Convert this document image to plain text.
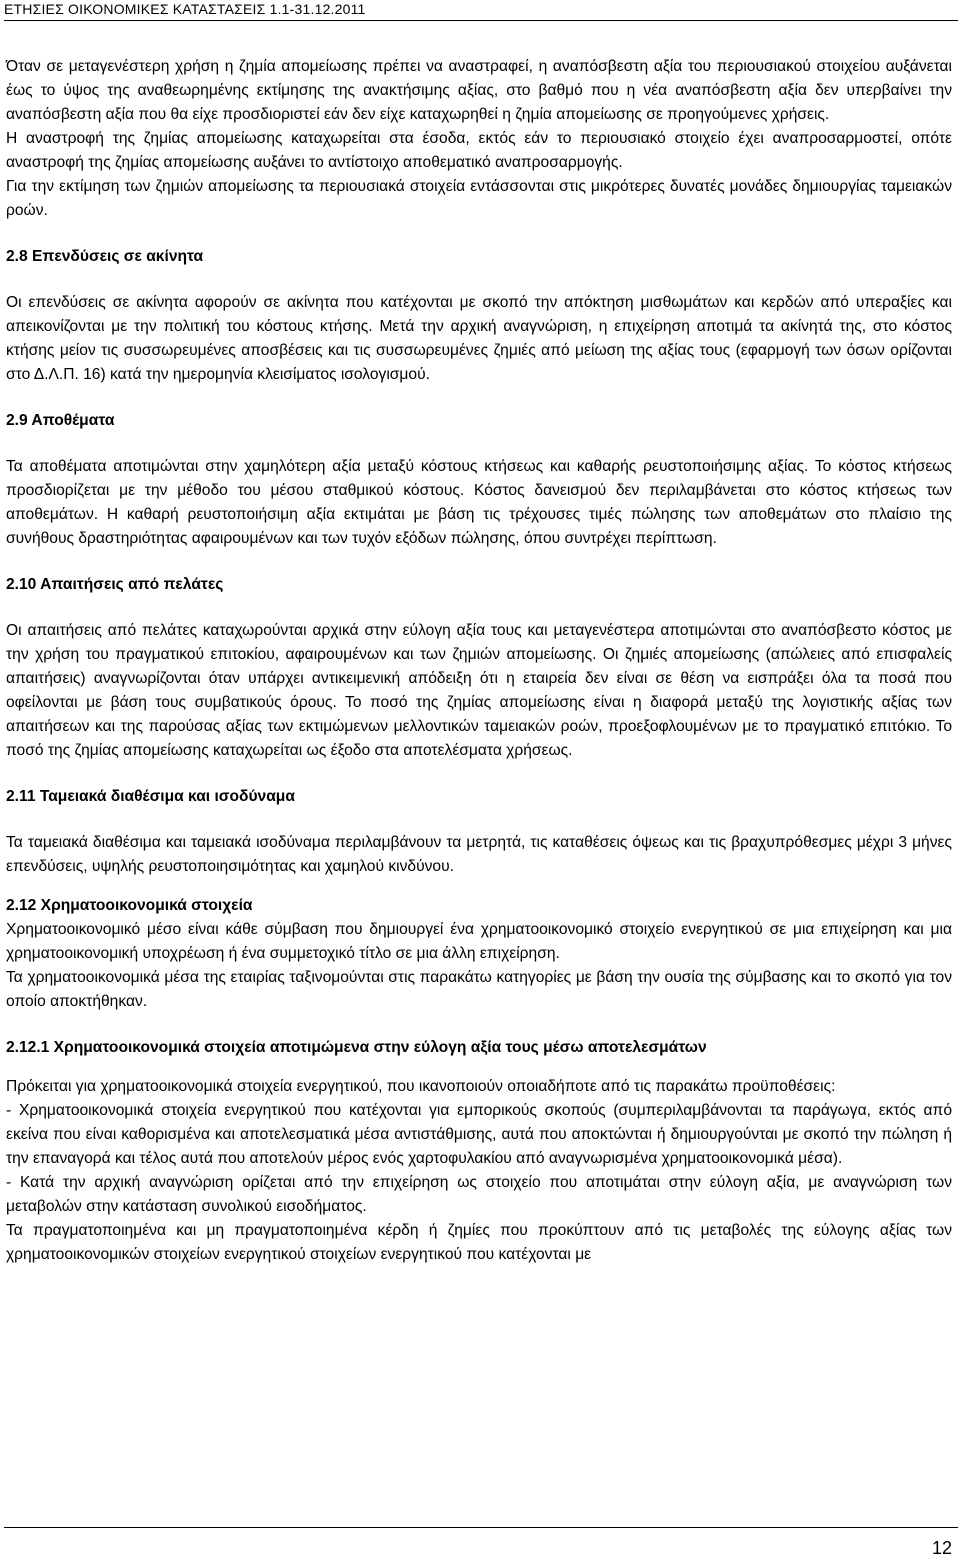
ΕΤΗΣΙΕΣ ΟΙΚΟΝΟΜΙΚΕΣ ΚΑΤΑΣΤΑΣΕΙΣ 1.1-31.12.2011

Όταν σε μεταγενέστερη χρήση η ζημία απομείωσης πρέπει να αναστραφεί, η αναπόσβεστη αξία του περιουσιακού στοιχείου αυξάνεται έως το ύψος της αναθεωρημένης εκτίμησης της ανακτήσιμης αξίας, στο βαθμό που η νέα αναπόσβεστη αξία δεν υπερβαίνει την αναπόσβεστη αξία που θα είχε προσδιοριστεί εάν δεν είχε καταχωρηθεί η ζημία απομείωσης σε προηγούμενες χρήσεις.

Η αναστροφή της ζημίας απομείωσης καταχωρείται στα έσοδα, εκτός εάν το περιουσιακό στοιχείο έχει αναπροσαρμοστεί, οπότε αναστροφή της ζημίας απομείωσης αυξάνει το αντίστοιχο αποθεματικό αναπροσαρμογής.

Για την εκτίμηση των ζημιών απομείωσης τα περιουσιακά στοιχεία εντάσσονται στις μικρότερες δυνατές μονάδες δημιουργίας ταμειακών ροών.

2.8 Επενδύσεις σε ακίνητα

Οι επενδύσεις σε ακίνητα αφορούν σε ακίνητα που κατέχονται με σκοπό την απόκτηση μισθωμάτων και κερδών από υπεραξίες και απεικονίζονται με την πολιτική του κόστους κτήσης. Μετά την αρχική αναγνώριση, η επιχείρηση αποτιμά τα ακίνητά της, στο κόστος κτήσης μείον τις συσσωρευμένες αποσβέσεις και τις συσσωρευμένες ζημιές από μείωση της αξίας τους (εφαρμογή των όσων ορίζονται στο Δ.Λ.Π. 16) κατά την ημερομηνία κλεισίματος ισολογισμού.

2.9 Αποθέματα

Τα αποθέματα αποτιμώνται στην χαμηλότερη αξία μεταξύ κόστους κτήσεως και καθαρής ρευστοποιήσιμης αξίας. Το κόστος κτήσεως προσδιορίζεται με την μέθοδο του μέσου σταθμικού κόστους. Κόστος δανεισμού δεν περιλαμβάνεται στο κόστος κτήσεως των αποθεμάτων. Η καθαρή ρευστοποιήσιμη αξία εκτιμάται με βάση τις τρέχουσες τιμές πώλησης των αποθεμάτων στο πλαίσιο της συνήθους δραστηριότητας αφαιρουμένων και των τυχόν εξόδων πώλησης, όπου συντρέχει περίπτωση.

2.10 Απαιτήσεις από πελάτες

Οι απαιτήσεις από πελάτες καταχωρούνται αρχικά στην εύλογη αξία τους και μεταγενέστερα αποτιμώνται στο αναπόσβεστο κόστος με την χρήση του πραγματικού επιτοκίου, αφαιρουμένων και των ζημιών απομείωσης. Οι ζημιές απομείωσης (απώλειες από επισφαλείς απαιτήσεις) αναγνωρίζονται όταν υπάρχει αντικειμενική απόδειξη ότι η εταιρεία δεν είναι σε θέση να εισπράξει όλα τα ποσά που οφείλονται με βάση τους συμβατικούς όρους. Το ποσό της ζημίας απομείωσης είναι η διαφορά μεταξύ της λογιστικής αξίας των απαιτήσεων και της παρούσας αξίας των εκτιμώμενων μελλοντικών ταμειακών ροών, προεξοφλουμένων με το πραγματικό επιτόκιο. Το ποσό της ζημίας απομείωσης καταχωρείται ως έξοδο στα αποτελέσματα χρήσεως.

2.11 Ταμειακά διαθέσιμα και ισοδύναμα

Τα ταμειακά διαθέσιμα και ταμειακά ισοδύναμα περιλαμβάνουν τα μετρητά, τις καταθέσεις όψεως και τις βραχυπρόθεσμες μέχρι 3 μήνες επενδύσεις, υψηλής ρευστοποιησιμότητας και χαμηλού κινδύνου.

2.12 Χρηματοοικονομικά στοιχεία

Χρηματοοικονομικό μέσο είναι κάθε σύμβαση που δημιουργεί ένα χρηματοοικονομικό στοιχείο ενεργητικού σε μια επιχείρηση και μια χρηματοοικονομική υποχρέωση ή ένα συμμετοχικό τίτλο σε μια άλλη επιχείρηση.

Τα χρηματοοικονομικά μέσα της εταιρίας ταξινομούνται στις παρακάτω κατηγορίες με βάση την ουσία της σύμβασης και το σκοπό για τον οποίο αποκτήθηκαν.

2.12.1 Χρηματοοικονομικά στοιχεία αποτιμώμενα στην εύλογη αξία τους μέσω αποτελεσμάτων

Πρόκειται για χρηματοοικονομικά στοιχεία ενεργητικού, που ικανοποιούν οποιαδήποτε από τις παρακάτω προϋποθέσεις:

- Χρηματοοικονομικά στοιχεία ενεργητικού που κατέχονται για εμπορικούς σκοπούς (συμπεριλαμβάνονται τα παράγωγα, εκτός από εκείνα που είναι καθορισμένα και αποτελεσματικά μέσα αντιστάθμισης, αυτά που αποκτώνται ή δημιουργούνται με σκοπό την πώληση ή την επαναγορά και τέλος αυτά που αποτελούν μέρος ενός χαρτοφυλακίου από αναγνωρισμένα χρηματοοικονομικά μέσα).

- Κατά την αρχική αναγνώριση ορίζεται από την επιχείρηση ως στοιχείο που αποτιμάται στην εύλογη αξία, με αναγνώριση των μεταβολών στην κατάσταση συνολικού εισοδήματος.

Τα πραγματοποιημένα και μη πραγματοποιημένα κέρδη ή ζημίες που προκύπτουν από τις μεταβολές της εύλογης αξίας των χρηματοοικονομικών στοιχείων ενεργητικού στοιχείων ενεργητικού που κατέχονται με

12
